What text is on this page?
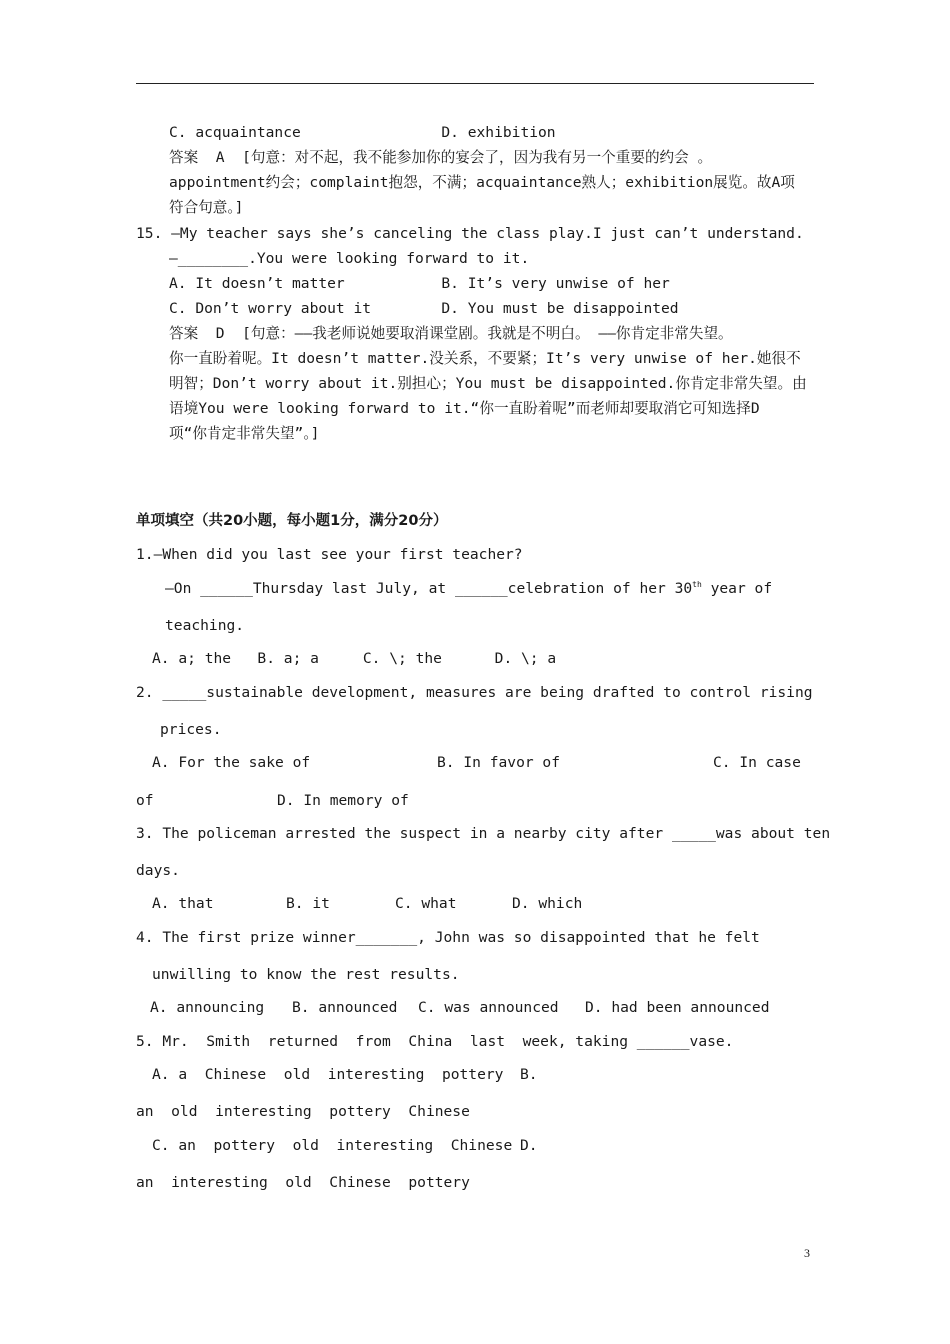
C. acquaintance                D. exhibition
答案  A  [句意：对不起，我不能参加你的宴会了，因为我有另一个重要的约会 。
appointment约会；complaint抱怨，不满；acquaintance熟人；exhibition展览。故A项
符合句意。]
15. —My teacher says she’s canceling the class play.I just can’t understand.
—________.You were looking forward to it.
A. It doesn’t matter           B. It’s very unwise of her
C. Don’t worry about it        D. You must be disappointed
答案  D  [句意：——我老师说她要取消课堂剧。我就是不明白。 ——你肯定非常失望。
你一直盼着呢。It doesn’t matter.没关系，不要紧；It’s very unwise of her.她很不
明智；Don’t worry about it.别担心；You must be disappointed.你肯定非常失望。由
语境You were looking forward to it.“你一直盼着呢”而老师却要取消它可知选择D
项“你肯定非常失望”。]
单项填空（共20小题，每小题1分，满分20分）
1.—When did you last see your first teacher?
—On ______Thursday last July, at ______celebration of her 30th year of
teaching.
A. a; the   B. a; a     C. \; the      D. \; a
2. _____sustainable development, measures are being drafted to control rising
prices.
A. For the sake of	B. In favor of	C. In case
of	D. In memory of
3. The policeman arrested the suspect in a nearby city after _____was about ten
days.
A. that	B. it	C. what	D. which
4. The first prize winner_______, John was so disappointed that he felt
unwilling to know the rest results.
A. announcing B. announced C. was announced D. had been announced
5. Mr.  Smith  returned  from  China  last  week, taking ______vase.
A. a  Chinese  old  interesting  pottery B.
an  old  interesting  pottery  Chinese
C. an  pottery  old  interesting  Chinese D.
an  interesting  old  Chinese  pottery
3
